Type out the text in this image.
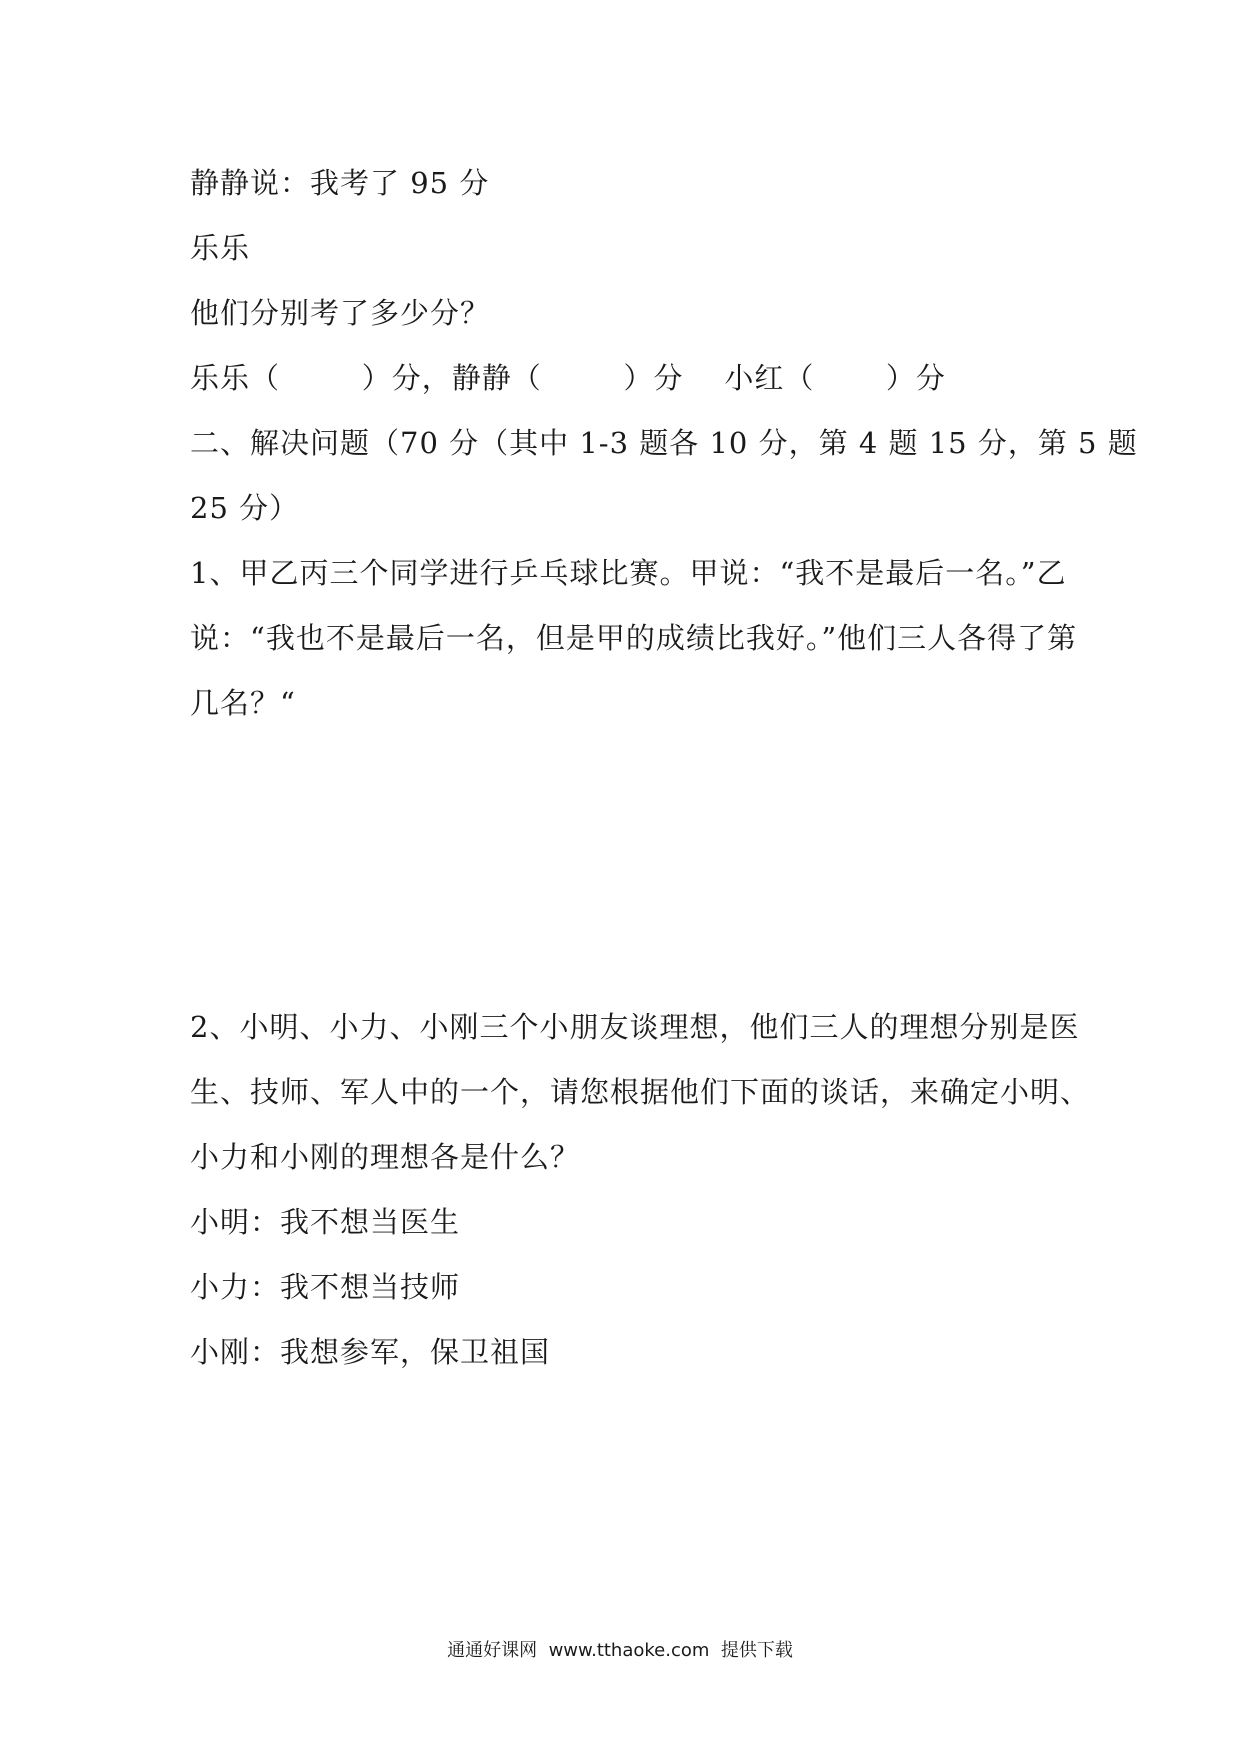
静静说：我考了 95 分
乐乐
他们分别考了多少分？
乐乐（        ）分，静静（        ）分    小红（       ）分
二、解决问题（70 分（其中 1-3 题各 10 分，第 4 题 15 分，第 5 题
25 分）
1、甲乙丙三个同学进行乒乓球比赛。甲说：“我不是最后一名。”乙
说：“我也不是最后一名，但是甲的成绩比我好。”他们三人各得了第
几名？“
2、小明、小力、小刚三个小朋友谈理想，他们三人的理想分别是医
生、技师、军人中的一个，请您根据他们下面的谈话，来确定小明、
小力和小刚的理想各是什么？
小明：我不想当医生
小力：我不想当技师
小刚：我想参军，保卫祖国
通通好课网  www.tthaoke.com  提供下载
